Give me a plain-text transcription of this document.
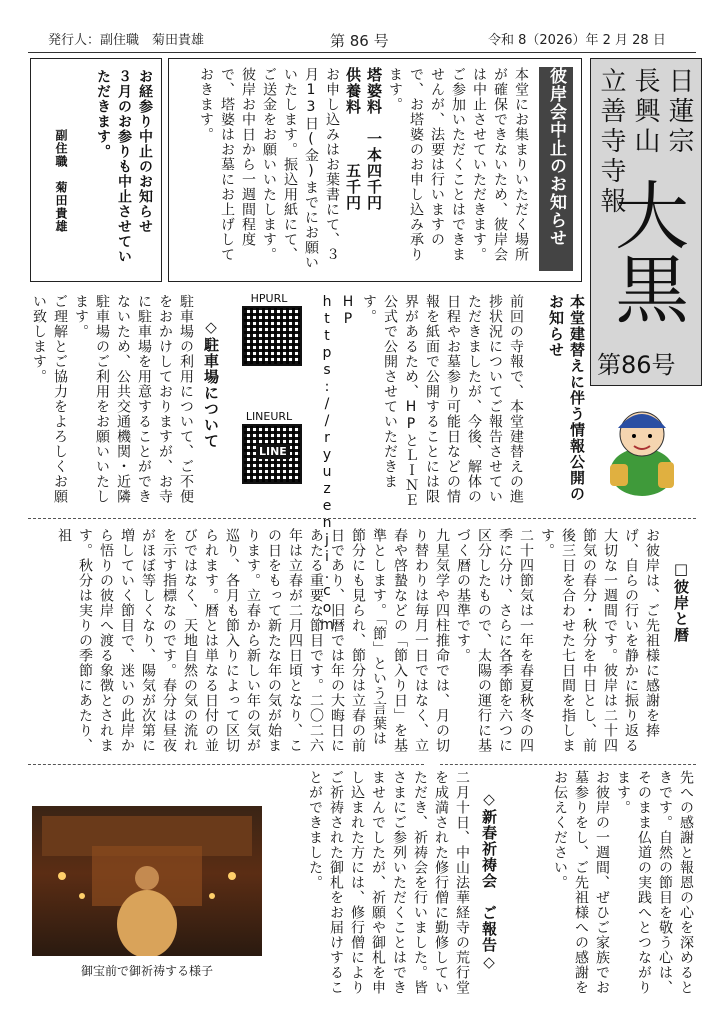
発行人：副住職　菊田貴雄	第 86 号	令和 8（2026）年 2 月 28 日
日蓮宗
長興山
立善寺寺報
大黒
第86号
彼岸会中止のお知らせ
本堂にお集まりいただく場所が確保できないため、彼岸会は中止させていただきます。
ご参加いただくことはできませんが、法要は行いますので、お塔婆のお申し込み承ります。
塔婆料　一本四千円
供養料　　　五千円
お申し込みはお葉書にて、３月13日(金)までにお願いいたします。振込用紙にて、ご送金をお願いいたします。
彼岸お中日から一週間程度で、塔婆はお墓にお上げしておきます。
お経参り中止のお知らせ
３月のお参りも中止させていただきます。

副住職　菊田貴雄
本堂建替えに伴う情報公開のお知らせ
前回の寺報で、本堂建替えの進捗状況についてご報告させていただきましたが、今後、解体の日程やお墓参り可能日などの情報を紙面で公開することには限界があるため、HPとＬＩＮＥ公式で公開させていただきます。
HP https://ryuzenji.com
HPURL
LINEURL
LINE
◇駐車場について
駐車場の利用について、ご不便をおかけしておりますが、お寺に駐車場を用意することができないため、公共交通機関・近隣駐車場のご利用をお願いいたします。
ご理解とご協力をよろしくお願い致します。
□彼岸と暦
お彼岸は、ご先祖様に感謝を捧げ、自らの行いを静かに振り返る大切な一週間です。彼岸は二十四節気の春分・秋分を中日とし、前後三日を合わせた七日間を指します。
二十四節気は一年を春夏秋冬の四季に分け、さらに各季節を六つに区分したもので、太陽の運行に基づく暦の基準です。
九星気学や四柱推命では、月の切り替わりは毎月一日ではなく、立春や啓蟄などの「節入り日」を基準とします。「節」という言葉は節分にも見られ、節分は立春の前日であり、旧暦では年の大晦日にあたる重要な節目です。二〇二六年は立春が二月四日頃となり、この日をもって新たな年の気が始まります。立春から新しい年の気が巡り、各月も節入りによって区切られます。暦とは単なる日付の並びではなく、天地自然の気の流れを示す指標なのです。春分は昼夜がほぼ等しくなり、陽気が次第に増していく節目で、迷いの此岸から悟りの彼岸へ渡る象徴とされます。秋分は実りの季節にあたり、祖
先への感謝と報恩の心を深めるときです。自然の節目を敬う心は、そのまま仏道の実践へとつながります。
お彼岸の一週間、ぜひご家族でお墓参りをし、ご先祖様への感謝をお伝えください。
◇新春祈祷会　ご報告◇
二月十日、中山法華経寺の荒行堂を成満された修行僧に勤修していただき、祈祷会を行いました。皆さまにご参列いただくことはできませんでしたが、祈願や御札を申し込まれた方には、修行僧によりご祈祷された御札をお届けすることができました。
御宝前で御祈祷する様子
